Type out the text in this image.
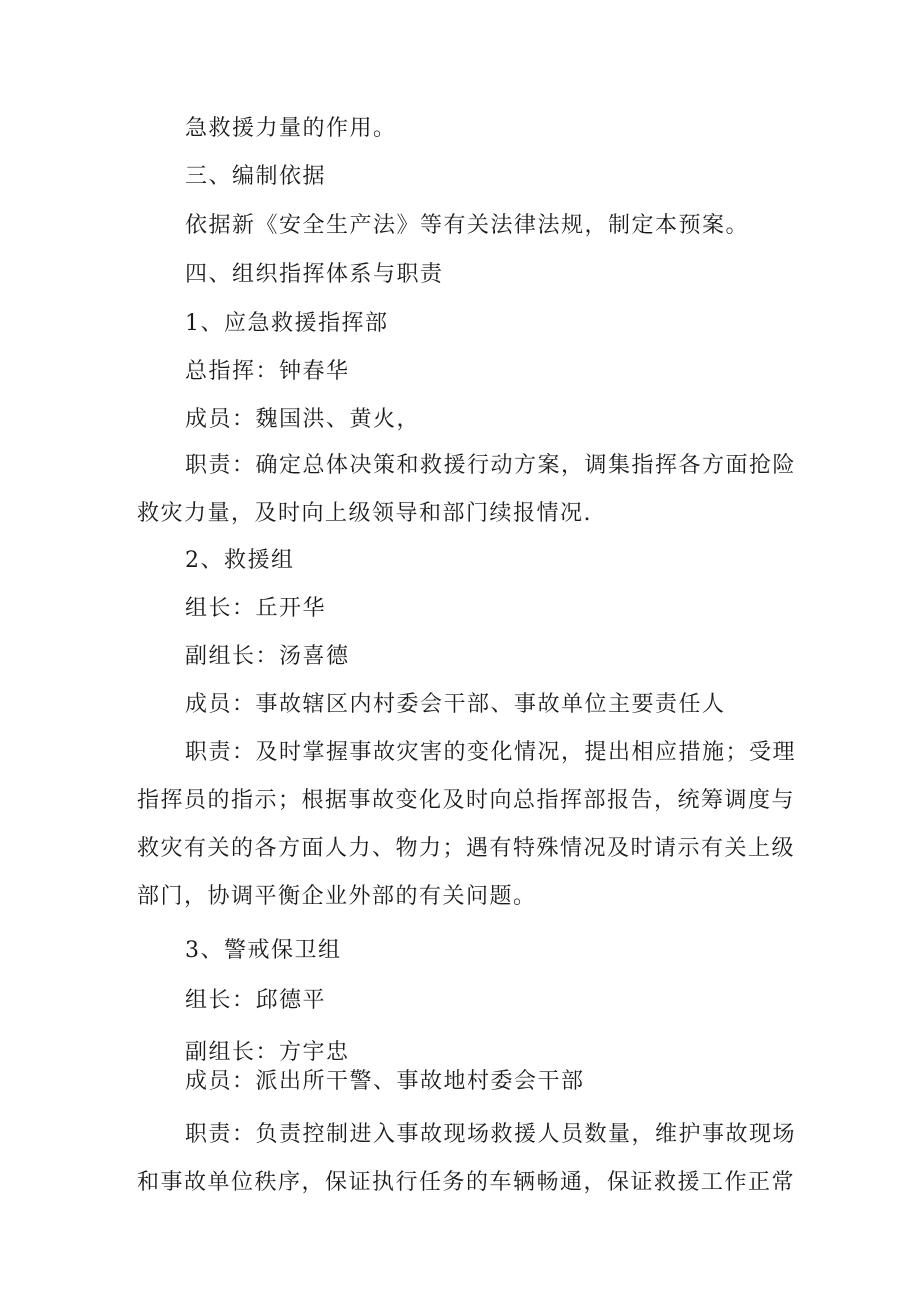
急救援力量的作用。
三、编制依据
依据新《安全生产法》等有关法律法规，制定本预案。
四、组织指挥体系与职责
1、应急救援指挥部
总指挥：钟春华
成员：魏国洪、黄火，
职责：确定总体决策和救援行动方案，调集指挥各方面抢险
救灾力量，及时向上级领导和部门续报情况.
2、救援组
组长：丘开华
副组长：汤喜德
成员：事故辖区内村委会干部、事故单位主要责任人
职责：及时掌握事故灾害的变化情况，提出相应措施；受理
指挥员的指示；根据事故变化及时向总指挥部报告，统筹调度与
救灾有关的各方面人力、物力；遇有特殊情况及时请示有关上级
部门，协调平衡企业外部的有关问题。
3、警戒保卫组
组长：邱德平
副组长：方宇忠
成员：派出所干警、事故地村委会干部
职责：负责控制进入事故现场救援人员数量，维护事故现场
和事故单位秩序，保证执行任务的车辆畅通，保证救援工作正常
